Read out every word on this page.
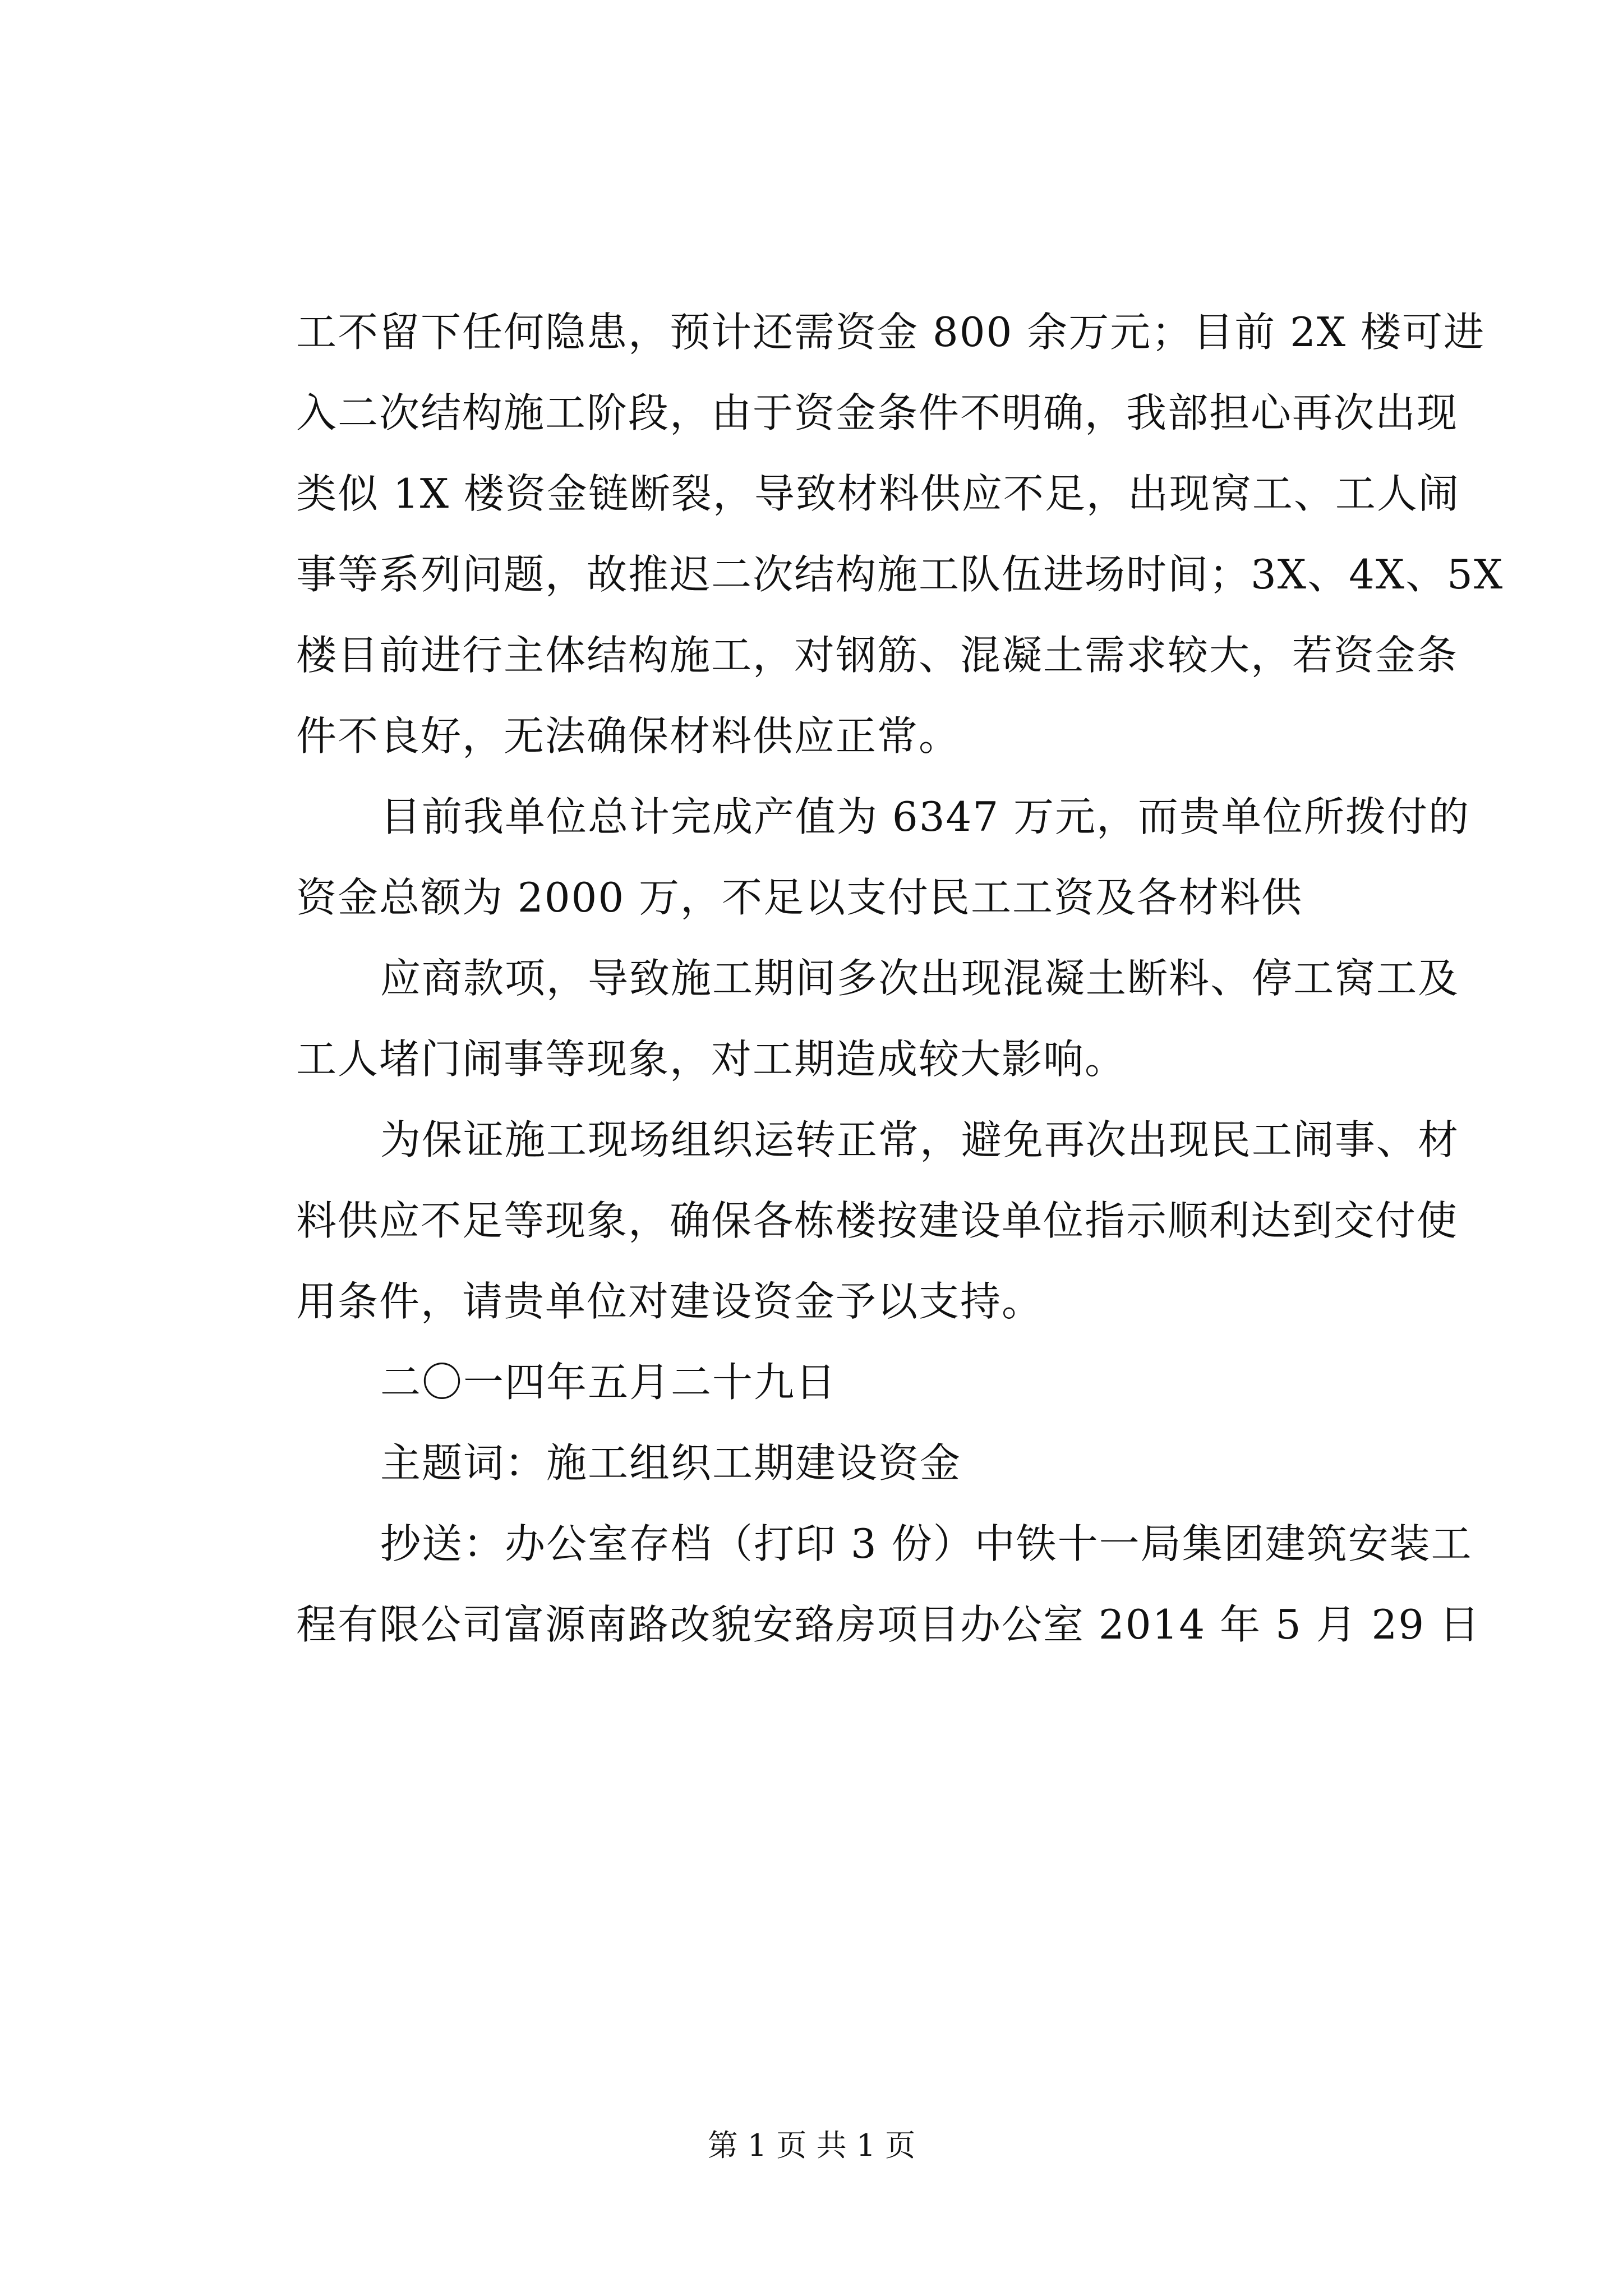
工不留下任何隐患，预计还需资金 800 余万元；目前 2X 楼可进
入二次结构施工阶段，由于资金条件不明确，我部担心再次出现
类似 1X 楼资金链断裂，导致材料供应不足，出现窝工、工人闹
事等系列问题，故推迟二次结构施工队伍进场时间；3X、4X、5X
楼目前进行主体结构施工，对钢筋、混凝土需求较大，若资金条
件不良好，无法确保材料供应正常。
目前我单位总计完成产值为 6347 万元，而贵单位所拨付的
资金总额为 2000 万，不足以支付民工工资及各材料供
应商款项，导致施工期间多次出现混凝土断料、停工窝工及
工人堵门闹事等现象，对工期造成较大影响。
为保证施工现场组织运转正常，避免再次出现民工闹事、材
料供应不足等现象，确保各栋楼按建设单位指示顺利达到交付使
用条件，请贵单位对建设资金予以支持。
二〇一四年五月二十九日
主题词：施工组织工期建设资金
抄送：办公室存档（打印 3 份）中铁十一局集团建筑安装工
程有限公司富源南路改貌安臵房项目办公室 2014 年 5 月 29 日
第 1 页 共 1 页
